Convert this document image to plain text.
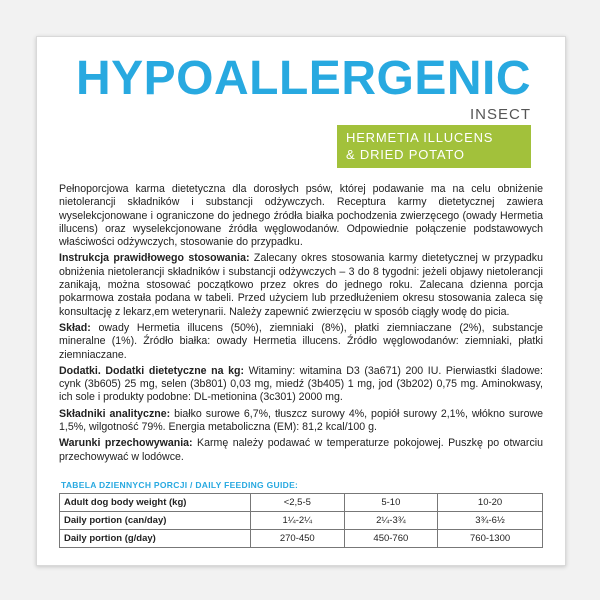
HYPOALLERGENIC
INSECT
HERMETIA ILLUCENS
& DRIED POTATO

Pełnoporcjowa karma dietetyczna dla dorosłych psów, której podawanie ma na celu obniżenie nietolerancji składników i substancji odżywczych. Receptura karmy dietetycznej zawiera wyselekcjonowane i ograniczone do jednego źródła białka pochodzenia zwierzęcego (owady Hermetia illucens) oraz wyselekcjonowane źródła węglowodanów. Odpowiednie połączenie podstawowych właściwości odżywczych, stosowanie do przypadku.

Instrukcja prawidłowego stosowania: Zalecany okres stosowania karmy dietetycznej w przypadku obniżenia nietolerancji składników i substancji odżywczych – 3 do 8 tygodni: jeżeli objawy nietolerancji zanikają, można stosować początkowo przez okres do jednego roku. Zalecana dzienna porcja pokarmowa została podana w tabeli. Przed użyciem lub przedłużeniem okresu stosowania zaleca się konsultację z lekarz,em weterynarii. Należy zapewnić zwierzęciu w sposób ciągły wodę do picia.

Skład: owady Hermetia illucens (50%), ziemniaki (8%), płatki ziemniaczane (2%), substancje mineralne (1%). Źródło białka: owady Hermetia illucens. Źródło węglowodanów: ziemniaki, płatki ziemniaczane.

Dodatki. Dodatki dietetyczne na kg: Witaminy: witamina D3 (3a671) 200 IU. Pierwiastki śladowe: cynk (3b605) 25 mg, selen (3b801) 0,03 mg, miedź (3b405) 1 mg, jod (3b202) 0,75 mg. Aminokwasy, ich sole i produkty podobne: DL-metionina (3c301) 2000 mg.

Składniki analityczne: białko surowe 6,7%, tłuszcz surowy 4%, popiół surowy 2,1%, włókno surowe 1,5%, wilgotność 79%. Energia metaboliczna (EM): 81,2 kcal/100 g.

Warunki przechowywania: Karmę należy podawać w temperaturze pokojowej. Puszkę po otwarciu przechowywać w lodówce.

TABELA DZIENNYCH PORCJI / DAILY FEEDING GUIDE:
Adult dog body weight (kg)	<2,5-5	5-10	10-20
Daily portion (can/day)	1¼-2¼	2¼-3¾	3¾-6½
Daily portion (g/day)	270-450	450-760	760-1300
